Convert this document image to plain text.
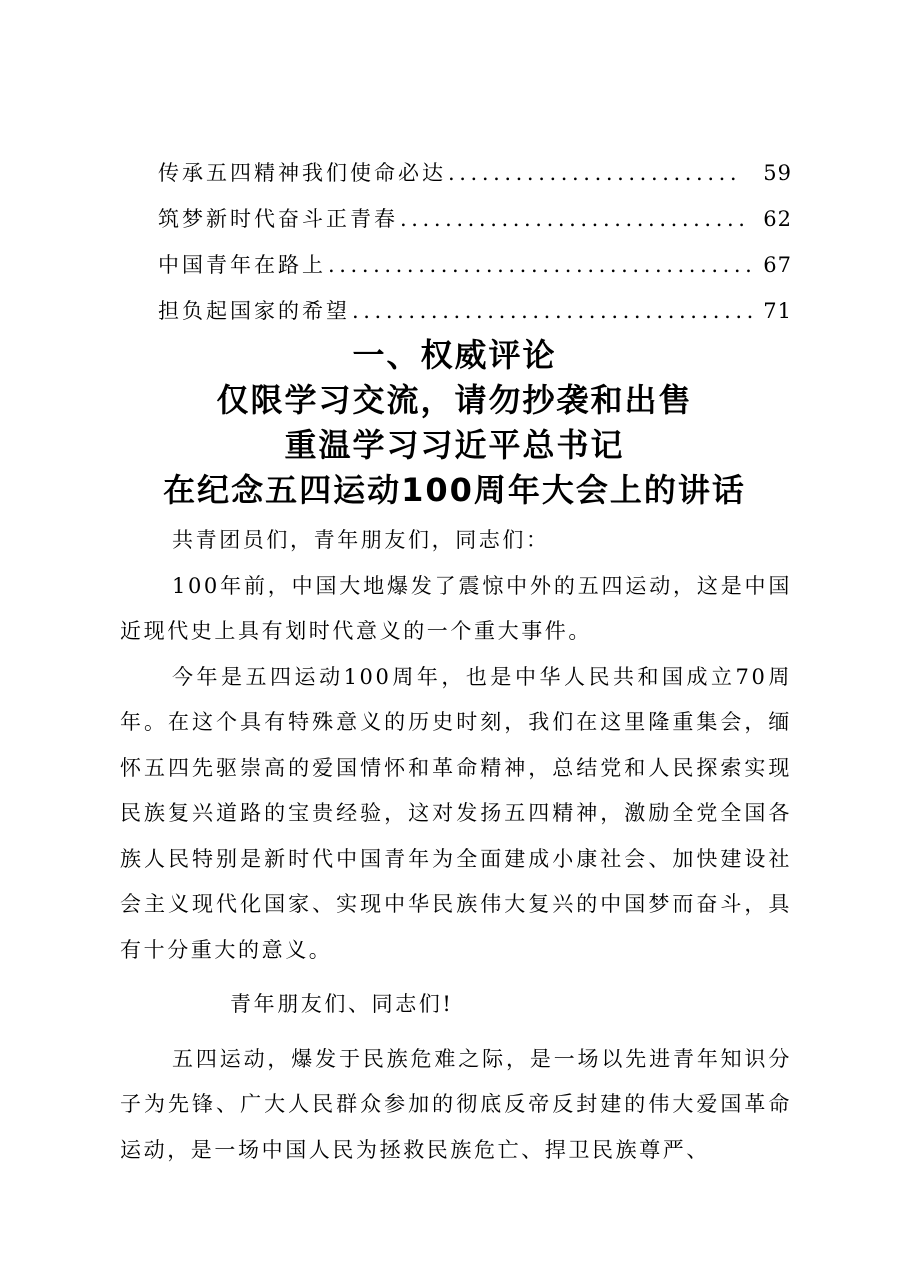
传承五四精神我们使命必达 ..........................	59
筑梦新时代奋斗正青春 ............................... 62
中国青年在路上 ...................................... 67
担负起国家的希望 .................................... 71
一、权威评论
仅限学习交流，请勿抄袭和出售
重温学习习近平总书记
在纪念五四运动100周年大会上的讲话

共青团员们，青年朋友们，同志们：

100年前，中国大地爆发了震惊中外的五四运动，这是中国近现代史上具有划时代意义的一个重大事件。

今年是五四运动100周年，也是中华人民共和国成立70周年。在这个具有特殊意义的历史时刻，我们在这里隆重集会，缅怀五四先驱崇高的爱国情怀和革命精神，总结党和人民探索实现民族复兴道路的宝贵经验，这对发扬五四精神，激励全党全国各族人民特别是新时代中国青年为全面建成小康社会、加快建设社会主义现代化国家、实现中华民族伟大复兴的中国梦而奋斗，具有十分重大的意义。

青年朋友们、同志们!

五四运动，爆发于民族危难之际，是一场以先进青年知识分子为先锋、广大人民群众参加的彻底反帝反封建的伟大爱国革命运动，是一场中国人民为拯救民族危亡、捍卫民族尊严、
